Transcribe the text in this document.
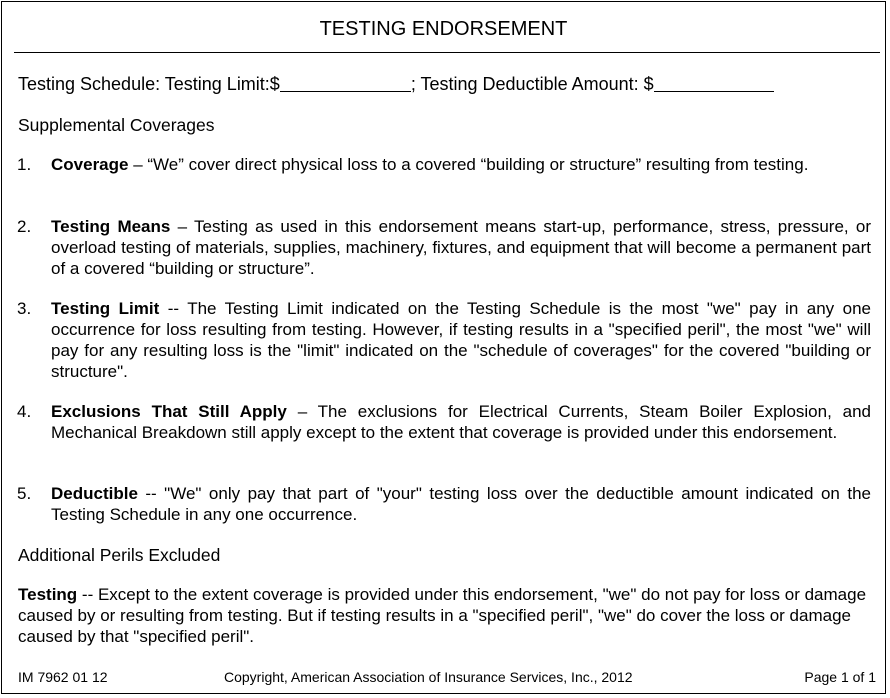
TESTING ENDORSEMENT
Testing Schedule: Testing Limit:$	; Testing Deductible Amount: $
Supplemental Coverages
1. Coverage – “We” cover direct physical loss to a covered “building or structure” resulting from testing.
2. Testing Means – Testing as used in this endorsement means start-up, performance, stress, pressure, or overload testing of materials, supplies, machinery, fixtures, and equipment that will become a permanent part of a covered “building or structure”.
3. Testing Limit -- The Testing Limit indicated on the Testing Schedule is the most "we" pay in any one occurrence for loss resulting from testing. However, if testing results in a "specified peril", the most "we" will pay for any resulting loss is the "limit" indicated on the "schedule of coverages" for the covered "building or structure".
4. Exclusions That Still Apply – The exclusions for Electrical Currents, Steam Boiler Explosion, and Mechanical Breakdown still apply except to the extent that coverage is provided under this endorsement.
5. Deductible -- "We" only pay that part of "your" testing loss over the deductible amount indicated on the Testing Schedule in any one occurrence.
Additional Perils Excluded
Testing -- Except to the extent coverage is provided under this endorsement, "we" do not pay for loss or damage caused by or resulting from testing. But if testing results in a "specified peril", "we" do cover the loss or damage caused by that "specified peril".
IM 7962 01 12	Copyright, American Association of Insurance Services, Inc., 2012	Page 1 of 1
